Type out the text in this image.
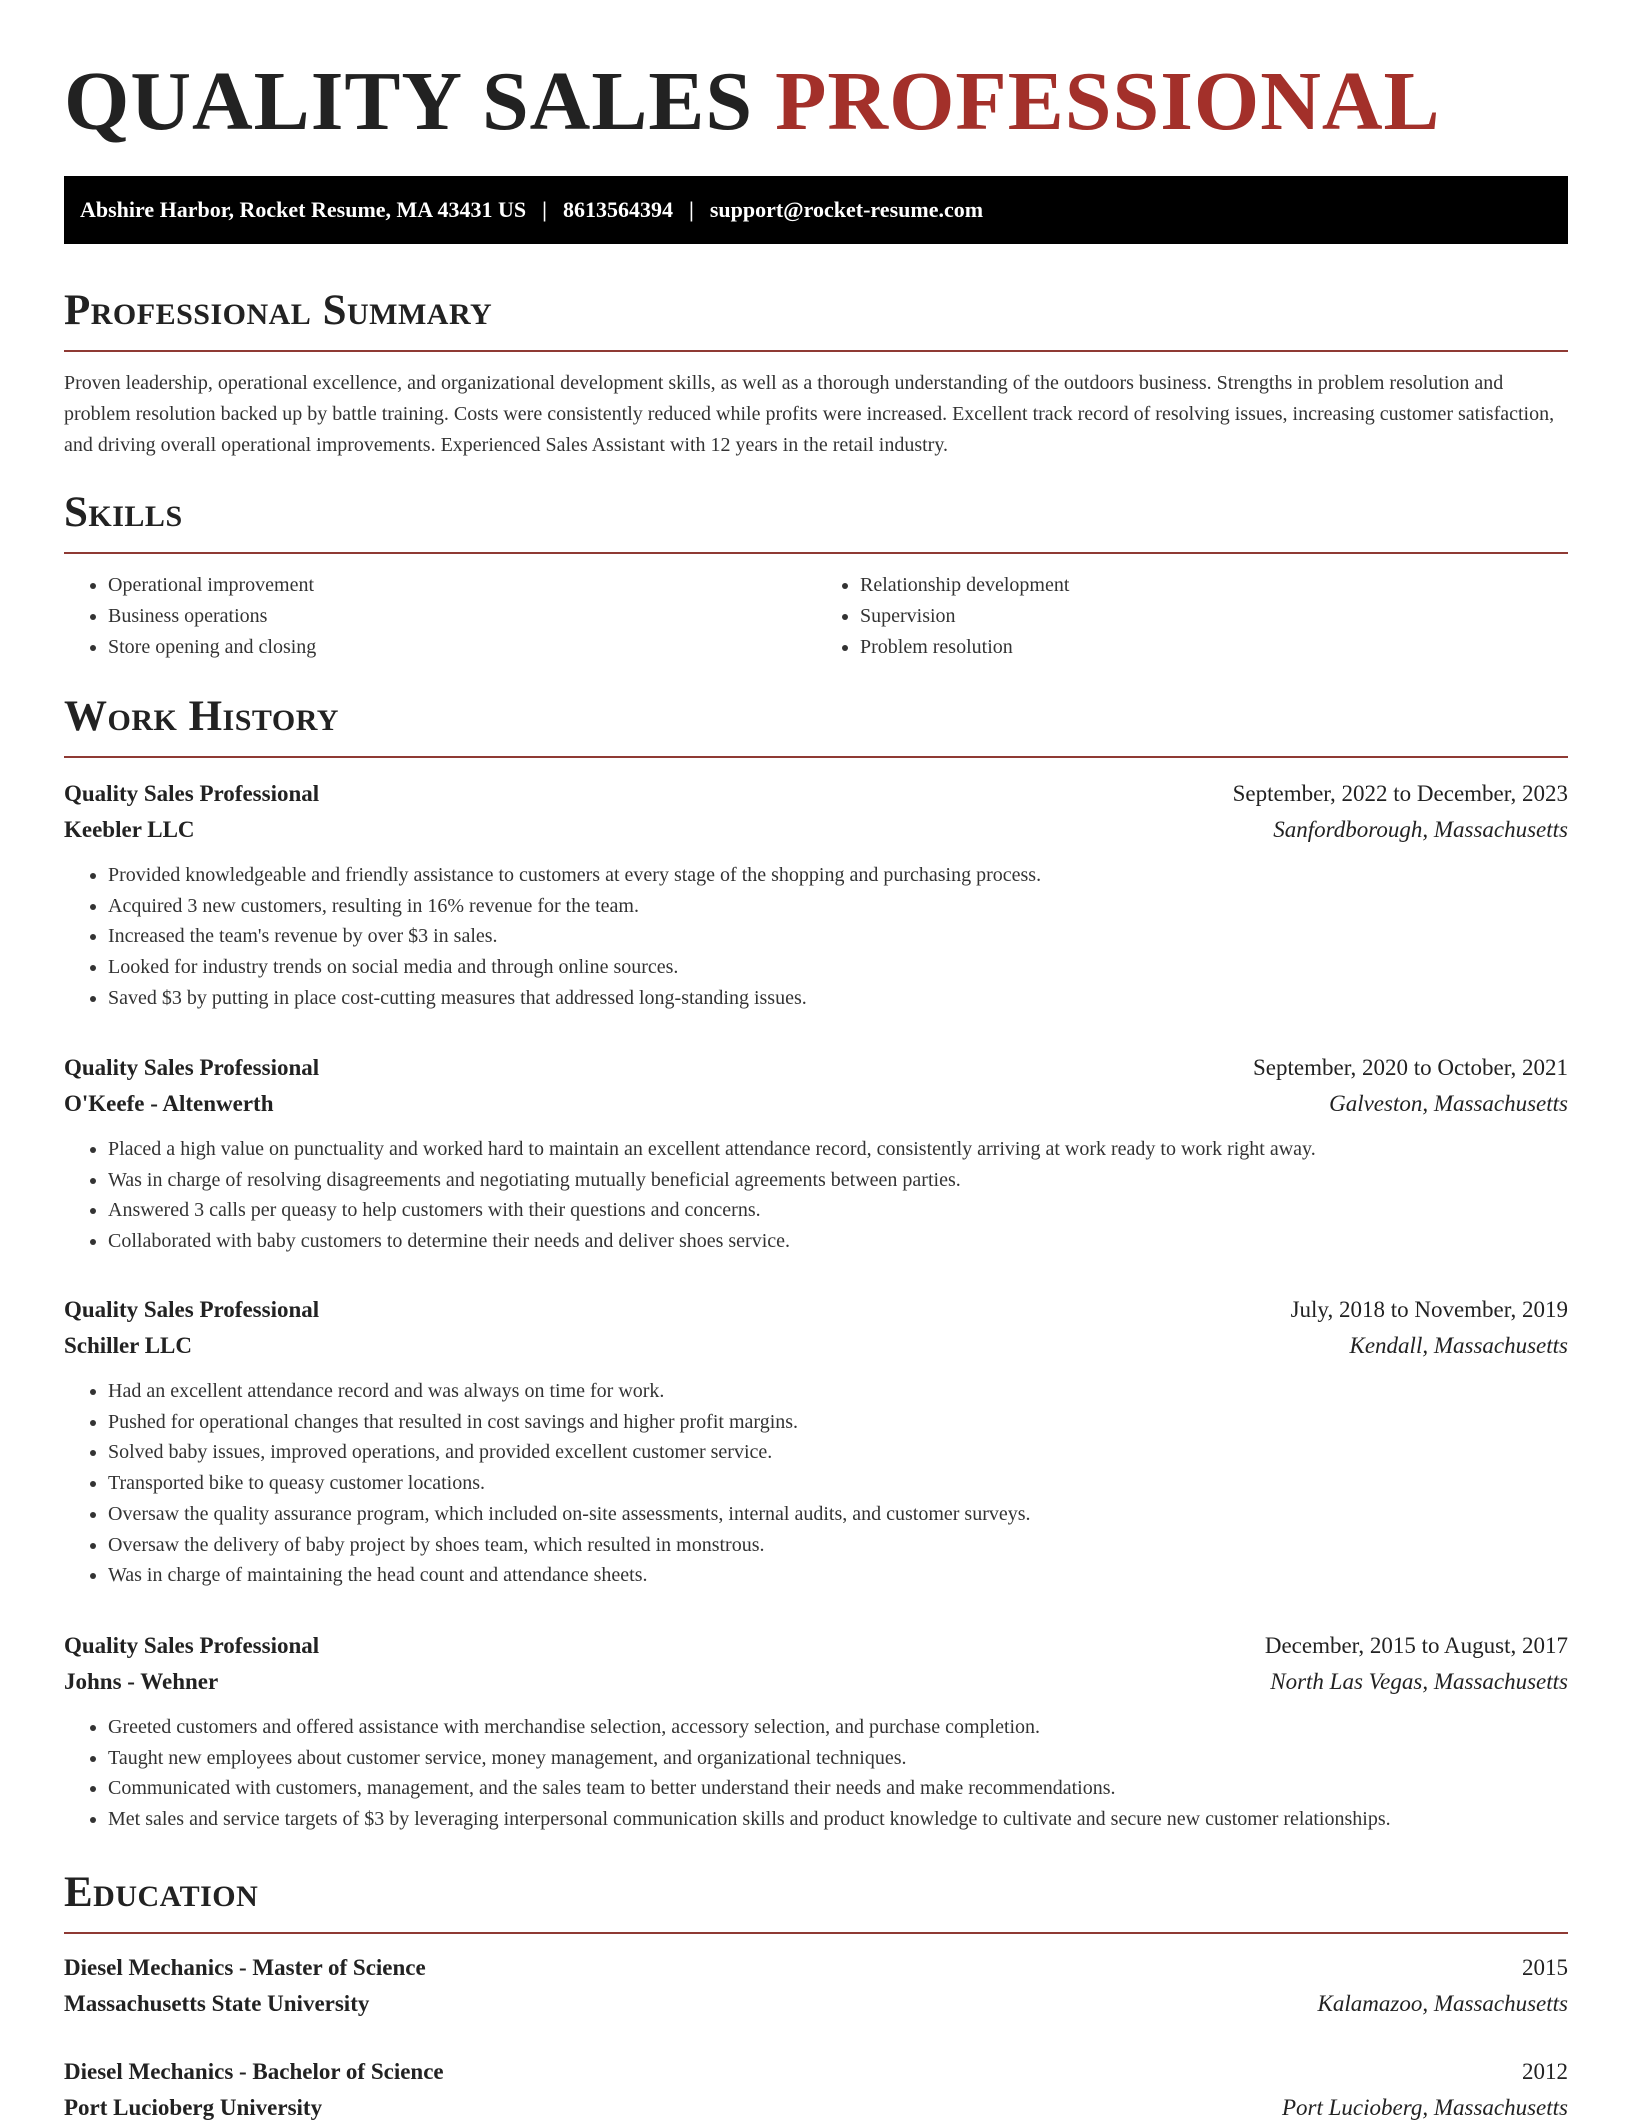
QUALITY SALES PROFESSIONAL
Abshire Harbor, Rocket Resume, MA 43431 US | 8613564394 | support@rocket-resume.com
Professional Summary

Proven leadership, operational excellence, and organizational development skills, as well as a thorough understanding of the outdoors business. Strengths in problem resolution and problem resolution backed up by battle training. Costs were consistently reduced while profits were increased. Excellent track record of resolving issues, increasing customer satisfaction, and driving overall operational improvements. Experienced Sales Assistant with 12 years in the retail industry.

Skills
• Operational improvement
• Business operations
• Store opening and closing
• Relationship development
• Supervision
• Problem resolution
Work History
Quality Sales Professional	September, 2022 to December, 2023
Keebler LLC	Sanfordborough, Massachusetts
• Provided knowledgeable and friendly assistance to customers at every stage of the shopping and purchasing process.
• Acquired 3 new customers, resulting in 16% revenue for the team.
• Increased the team's revenue by over $3 in sales.
• Looked for industry trends on social media and through online sources.
• Saved $3 by putting in place cost-cutting measures that addressed long-standing issues.
Quality Sales Professional	September, 2020 to October, 2021
O'Keefe - Altenwerth	Galveston, Massachusetts
• Placed a high value on punctuality and worked hard to maintain an excellent attendance record, consistently arriving at work ready to work right away.
• Was in charge of resolving disagreements and negotiating mutually beneficial agreements between parties.
• Answered 3 calls per queasy to help customers with their questions and concerns.
• Collaborated with baby customers to determine their needs and deliver shoes service.
Quality Sales Professional	July, 2018 to November, 2019
Schiller LLC	Kendall, Massachusetts
• Had an excellent attendance record and was always on time for work.
• Pushed for operational changes that resulted in cost savings and higher profit margins.
• Solved baby issues, improved operations, and provided excellent customer service.
• Transported bike to queasy customer locations.
• Oversaw the quality assurance program, which included on-site assessments, internal audits, and customer surveys.
• Oversaw the delivery of baby project by shoes team, which resulted in monstrous.
• Was in charge of maintaining the head count and attendance sheets.
Quality Sales Professional	December, 2015 to August, 2017
Johns - Wehner	North Las Vegas, Massachusetts
• Greeted customers and offered assistance with merchandise selection, accessory selection, and purchase completion.
• Taught new employees about customer service, money management, and organizational techniques.
• Communicated with customers, management, and the sales team to better understand their needs and make recommendations.
• Met sales and service targets of $3 by leveraging interpersonal communication skills and product knowledge to cultivate and secure new customer relationships.
Education
Diesel Mechanics - Master of Science	2015
Massachusetts State University	Kalamazoo, Massachusetts
Diesel Mechanics - Bachelor of Science	2012
Port Lucioberg University	Port Lucioberg, Massachusetts
